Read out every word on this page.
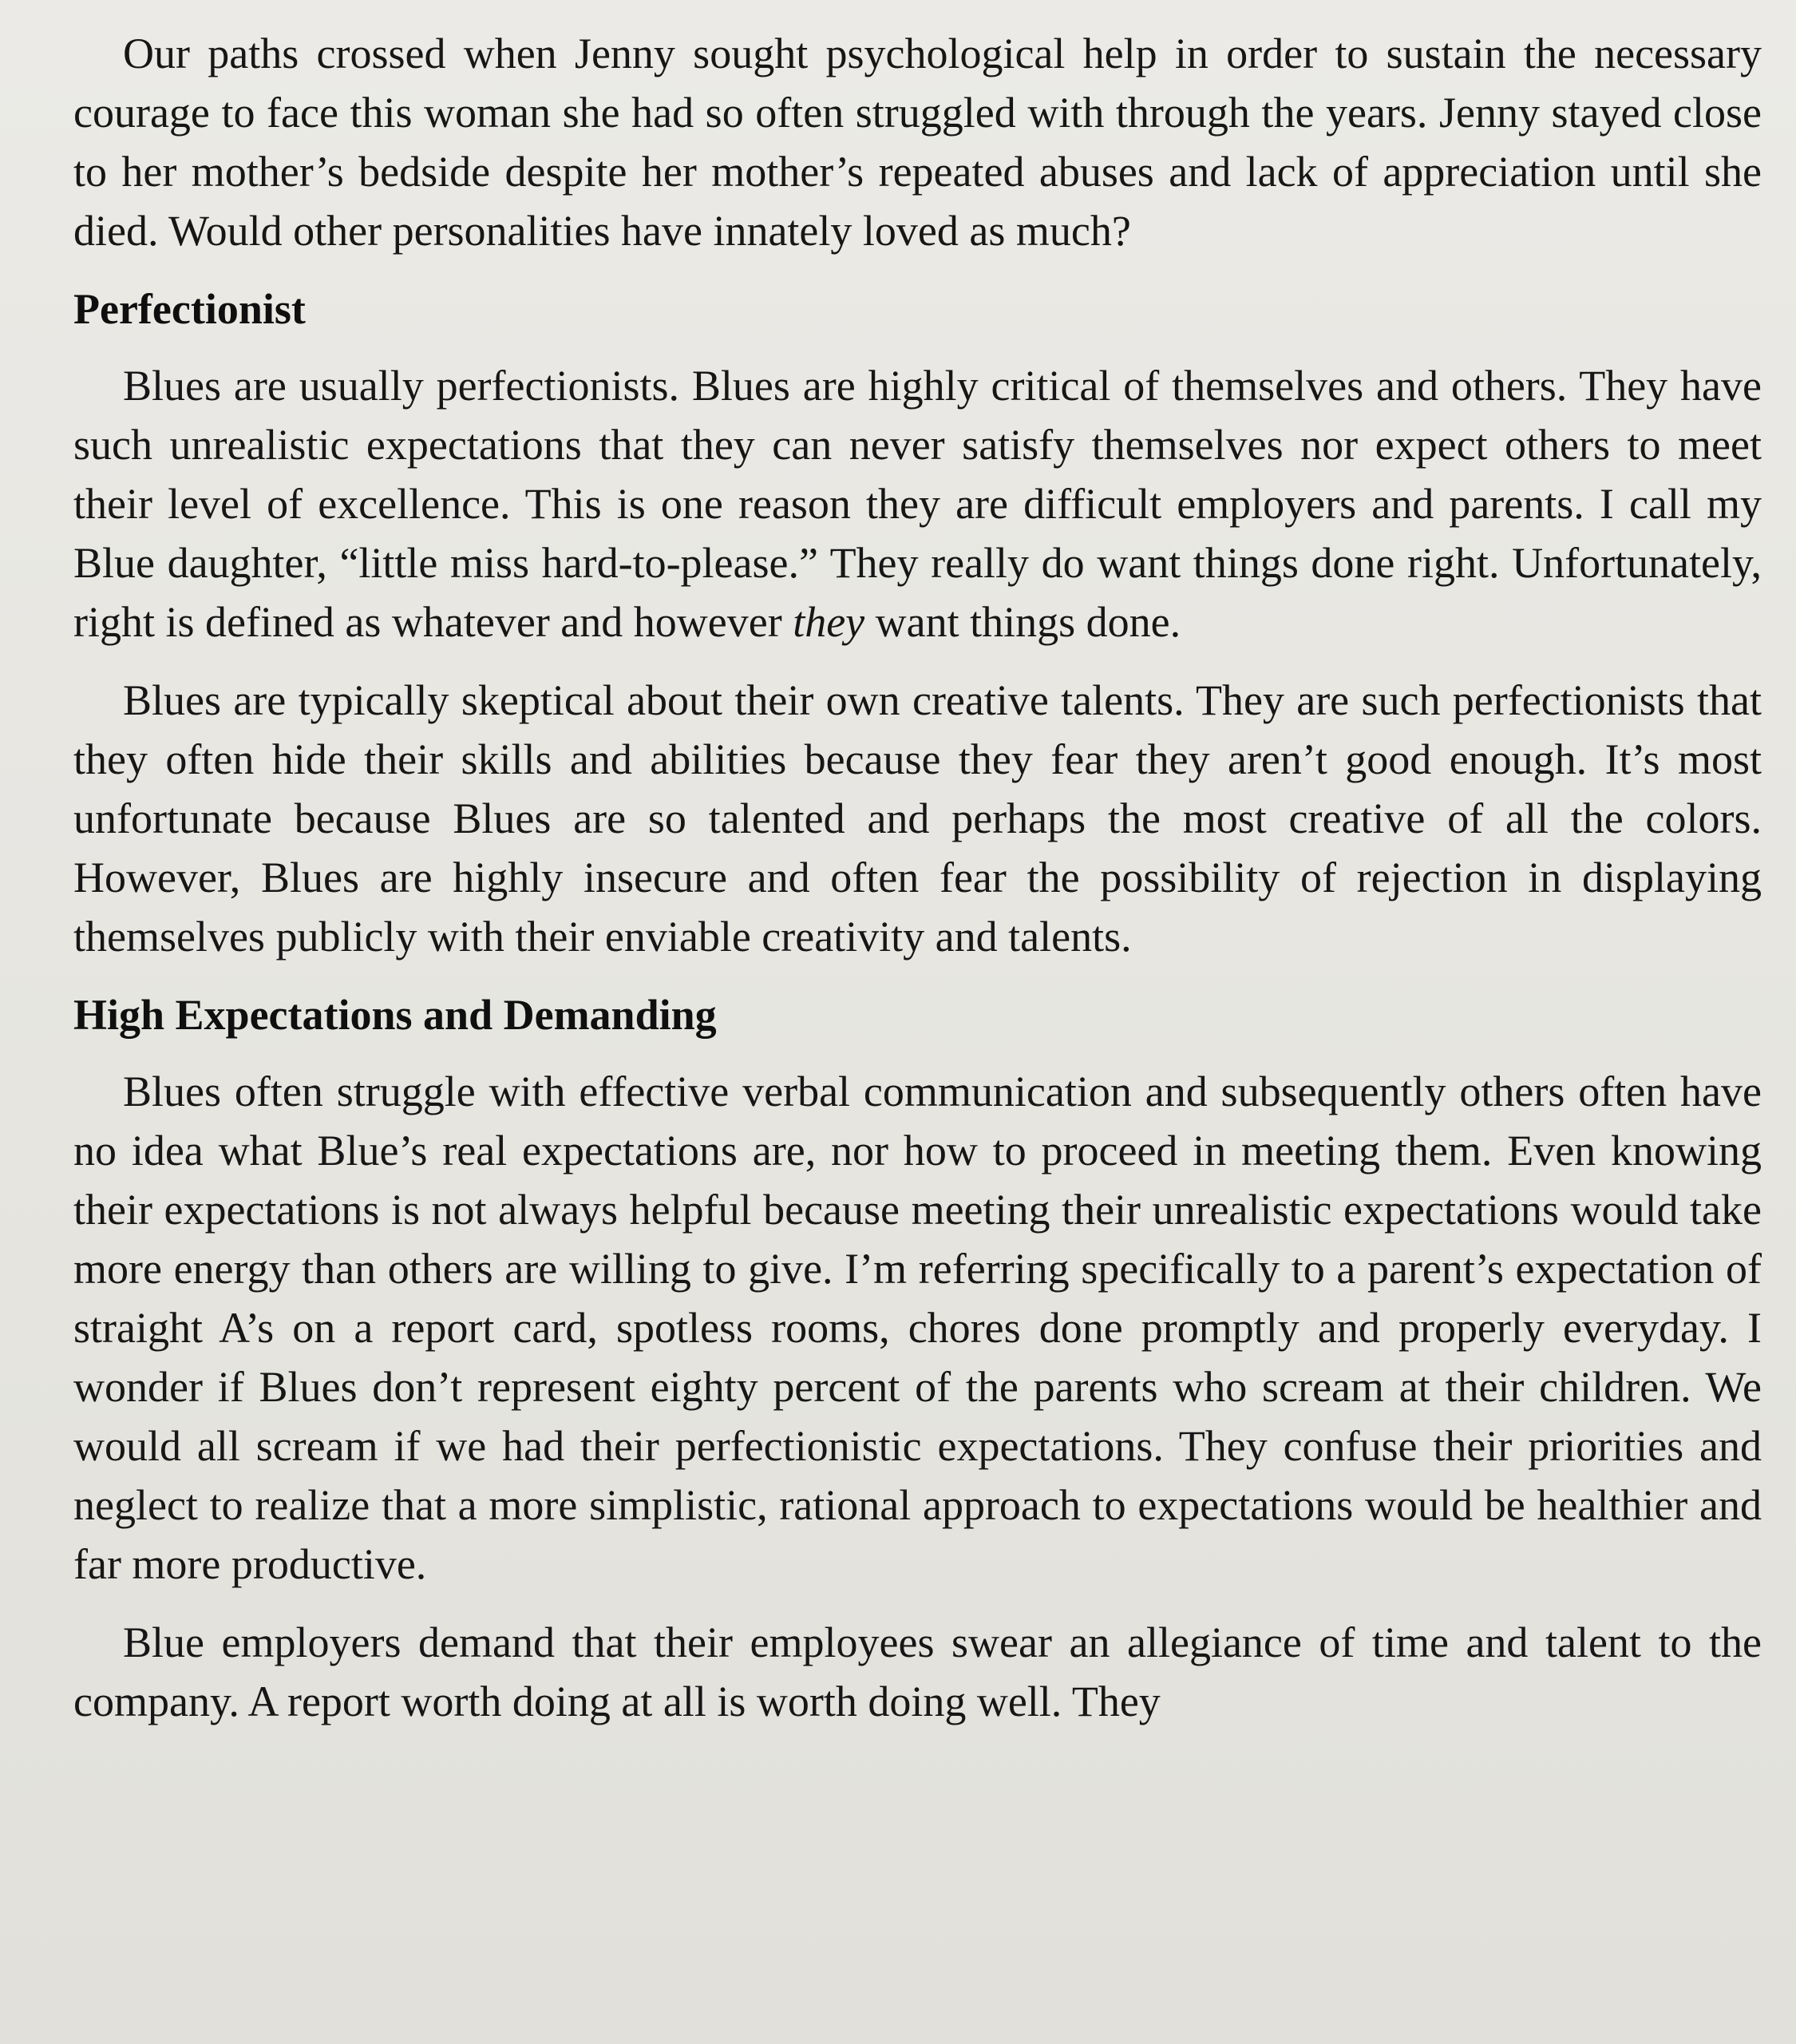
Our paths crossed when Jenny sought psychological help in order to sustain the necessary courage to face this woman she had so often struggled with through the years. Jenny stayed close to her mother’s bedside despite her mother’s repeated abuses and lack of appreciation until she died. Would other personalities have innately loved as much?

Perfectionist

Blues are usually perfectionists. Blues are highly critical of themselves and others. They have such unrealistic expectations that they can never satisfy themselves nor expect others to meet their level of excellence. This is one reason they are difficult employers and parents. I call my Blue daughter, “little miss hard-to-please.” They really do want things done right. Unfortunately, right is defined as whatever and however they want things done.

Blues are typically skeptical about their own creative talents. They are such perfectionists that they often hide their skills and abilities because they fear they aren’t good enough. It’s most unfortunate because Blues are so talented and perhaps the most creative of all the colors. However, Blues are highly insecure and often fear the possibility of rejection in displaying themselves publicly with their enviable creativity and talents.

High Expectations and Demanding

Blues often struggle with effective verbal communication and subsequently others often have no idea what Blue’s real expectations are, nor how to proceed in meeting them. Even knowing their expectations is not always helpful because meeting their unrealistic expectations would take more energy than others are willing to give. I’m referring specifically to a parent’s expectation of straight A’s on a report card, spotless rooms, chores done promptly and properly everyday. I wonder if Blues don’t represent eighty percent of the parents who scream at their children. We would all scream if we had their perfectionistic expectations. They confuse their priorities and neglect to realize that a more simplistic, rational approach to expectations would be healthier and far more productive.

Blue employers demand that their employees swear an allegiance of time and talent to the company. A report worth doing at all is worth doing well. They
